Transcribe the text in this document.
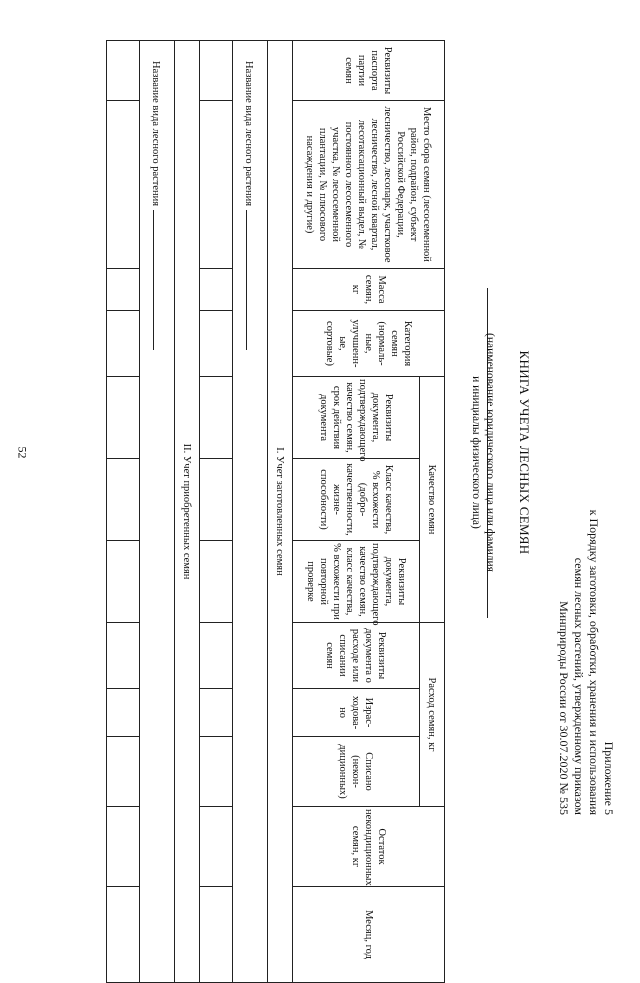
52
Приложение 5
к Порядку заготовки, обработки, хранения и использования
семян лесных растений, утвержденному приказом
Минприроды России от 30.07.2020 № 535
КНИГА УЧЕТА ЛЕСНЫХ СЕМЯН
(наименование юридического лица или фамилия
и инициалы физического лица)
Реквизиты паспорта партии семян	Место сбора семян (лесосеменной район, подрайон, субъект Российской Федерации, лесничество, лесопарк, участковое лесничество, лесной квартал, лесотаксационный выдел, № постоянного лесосеменного участка, № лесосеменной плантации, № плюсового насаждения и другие)	Масса семян, кг	Категория семян (нормаль-ные, улучшенн-ые, сортовые)	Качество семян			Расход семян, кг			Остаток некондиционных семян, кг	Месяц, год
				Реквизиты документа, подтверждающего качество семян, срок действия документа	Класс качества, % всхожести (добро-качественности, жизне-способности)	Реквизиты документа, подтверждающего качество семян, класс качества, % всхожести при повторной проверке	Реквизиты документа о расходе или списании семян	Израс-ходова-но	Списано (некон-диционных)		
I. Учет заготовленных семян											
Название вида лесного растения											

II. Учет приобретенных семян											
Название вида лесного растения											
